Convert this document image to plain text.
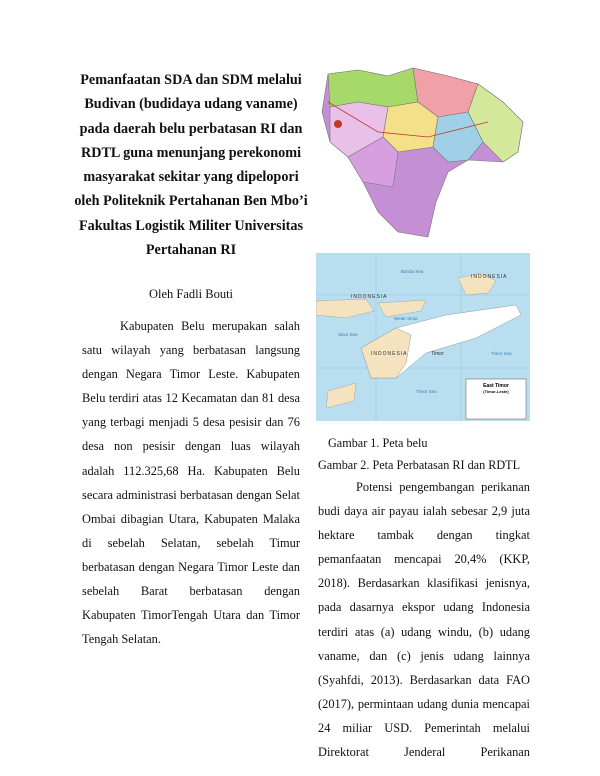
Pemanfaatan SDA dan SDM melalui Budivan (budidaya udang vaname) pada daerah belu perbatasan RI dan RDTL guna menunjang perekonomi masyarakat sekitar yang dipelopori oleh Politeknik Pertahanan Ben Mbo’i Fakultas Logistik Militer Universitas Pertahanan RI
Oleh Fadli Bouti

Kabupaten Belu merupakan salah satu wilayah yang berbatasan langsung dengan Negara Timor Leste. Kabupaten Belu terdiri atas 12 Kecamatan dan 81 desa yang terbagi menjadi 5 desa pesisir dan 76 desa non pesisir dengan luas wilayah adalah 112.325,68 Ha. Kabupaten Belu secara administrasi berbatasan dengan Selat Ombai dibagian Utara, Kabupaten Malaka di sebelah Selatan, sebelah Timur berbatasan dengan Negara Timor Leste dan sebelah Barat berbatasan dengan Kabupaten TimorTengah Utara dan Timor Tengah Selatan.

Banda Sea
Savu Sea
Wetar Strait
Timor Sea
Timor Sea
INDONESIA
INDONESIA
INDONESIA	Timor
East Timor
(Timor-Leste)
Gambar 1. Peta belu
Gambar 2. Peta Perbatasan RI dan RDTL

Potensi pengembangan perikanan budi daya air payau ialah sebesar 2,9 juta hektare tambak dengan tingkat pemanfaatan mencapai 20,4% (KKP, 2018). Berdasarkan klasifikasi jenisnya, pada dasarnya ekspor udang Indonesia terdiri atas (a) udang windu, (b) udang vaname, dan (c) jenis udang lainnya (Syahfdi, 2013). Berdasarkan data FAO (2017), permintaan udang dunia mencapai 24 miliar USD. Pemerintah melalui Direktorat Jenderal Perikanan
